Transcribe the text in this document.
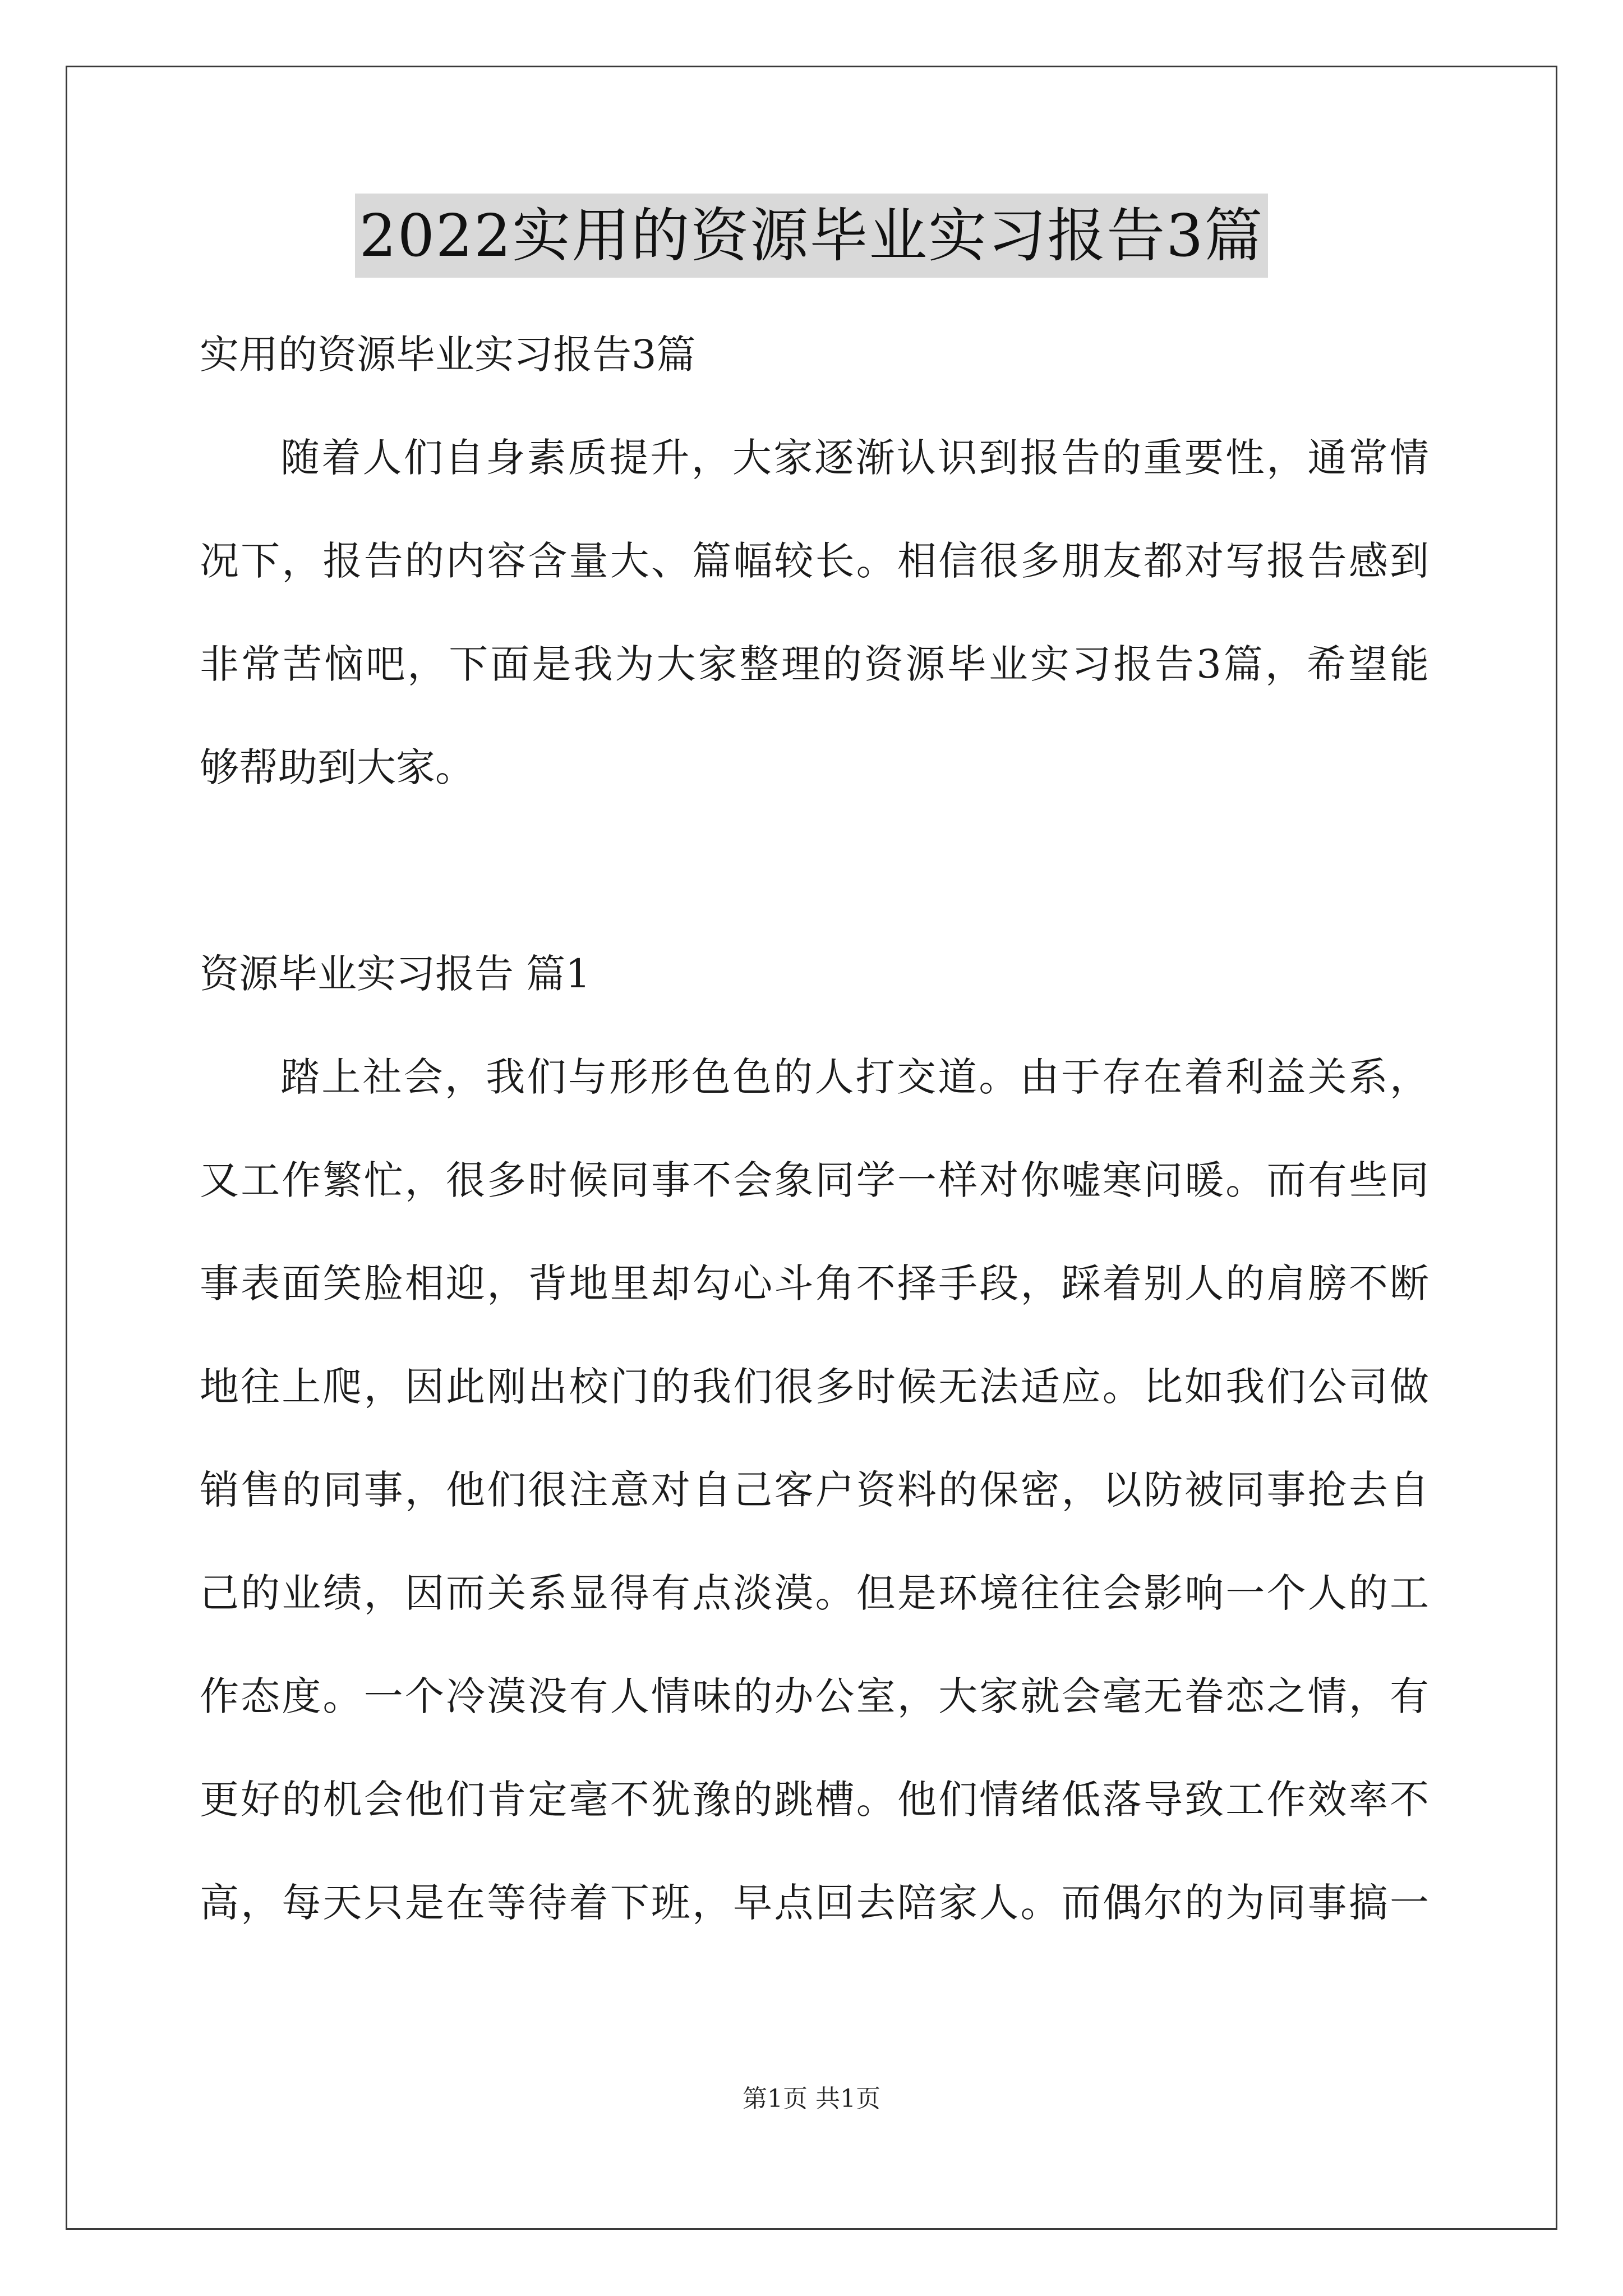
2022实用的资源毕业实习报告3篇
实用的资源毕业实习报告3篇
随着人们自身素质提升，大家逐渐认识到报告的重要性，通常情
况下，报告的内容含量大、篇幅较长。相信很多朋友都对写报告感到
非常苦恼吧，下面是我为大家整理的资源毕业实习报告3篇，希望能
够帮助到大家。
资源毕业实习报告 篇1
踏上社会，我们与形形色色的人打交道。由于存在着利益关系，
又工作繁忙，很多时候同事不会象同学一样对你嘘寒问暖。而有些同
事表面笑脸相迎，背地里却勾心斗角不择手段，踩着别人的肩膀不断
地往上爬，因此刚出校门的我们很多时候无法适应。比如我们公司做
销售的同事，他们很注意对自己客户资料的保密，以防被同事抢去自
己的业绩，因而关系显得有点淡漠。但是环境往往会影响一个人的工
作态度。一个冷漠没有人情味的办公室，大家就会毫无眷恋之情，有
更好的机会他们肯定毫不犹豫的跳槽。他们情绪低落导致工作效率不
高，每天只是在等待着下班，早点回去陪家人。而偶尔的为同事搞一
第1页 共1页
